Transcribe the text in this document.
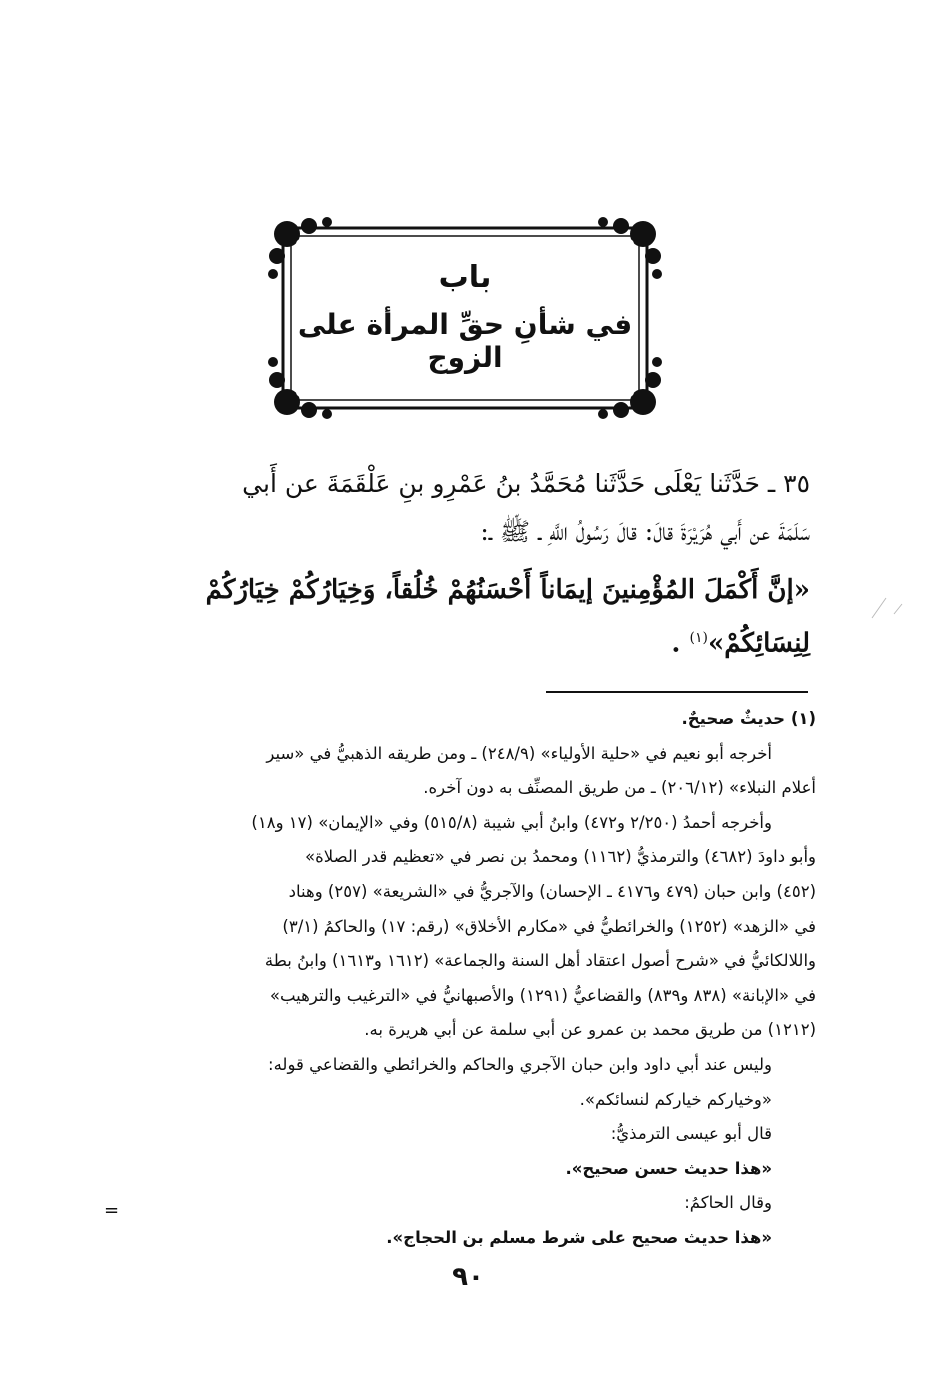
باب
في شأنِ حقِّ المرأة على الزوج
٣٥ ـ حَدَّثَنا يَعْلَى حَدَّثَنا مُحَمَّدُ بنُ عَمْرِو بنِ عَلْقَمَةَ عن أَبي
سَلَمَةَ عن أَبي هُرَيْرَةَ قالَ: قالَ رَسُولُ اللَّهِ ـ ﷺ ـ:
«إنَّ أَكْمَلَ المُؤْمِنينَ إيمَاناً أَحْسَنُهُمْ خُلُقاً، وَخِيَارُكُمْ خِيَارُكُمْ
لِنِسَائِكُمْ»$^{(١)}$ .
(١) حديثٌ صحيحٌ.
أخرجه أبو نعيم في «حلية الأولياء» (٢٤٨/٩) ـ ومن طريقه الذهبيُّ في «سير
أعلام النبلاء» (٢٠٦/١٢) ـ من طريق المصنِّف به دون آخره.
وأخرجه أحمدُ (٢/٢٥٠ و٤٧٢) وابنُ أبي شيبة (٥١٥/٨) وفي «الإيمان» (١٧ و١٨)
وأبو داودَ (٤٦٨٢) والترمذيُّ (١١٦٢) ومحمدُ بن نصر في «تعظيم قدر الصلاة»
(٤٥٢) وابن حبان (٤٧٩ و٤١٧٦ ـ الإحسان) والآجريُّ في «الشريعة» (٢٥٧) وهناد
في «الزهد» (١٢٥٢) والخرائطيُّ في «مكارم الأخلاق» (رقم: ١٧) والحاكمُ (٣/١)
واللالكائيُّ في «شرح أصول اعتقاد أهل السنة والجماعة» (١٦١٢ و١٦١٣) وابنُ بطة
في «الإبانة» (٨٣٨ و٨٣٩) والقضاعيُّ (١٢٩١) والأصبهانيُّ في «الترغيب والترهيب»
(١٢١٢) من طريق محمد بن عمرو عن أبي سلمة عن أبي هريرة به.
وليس عند أبي داود وابن حبان الآجري والحاكم والخرائطي والقضاعي قوله:
«وخياركم خياركم لنسائكم».
قال أبو عيسى الترمذيُّ:
«هذا حديث حسن صحيح».
وقال الحاكمُ:
«هذا حديث صحيح على شرط مسلم بن الحجاج».
=
٩٠
